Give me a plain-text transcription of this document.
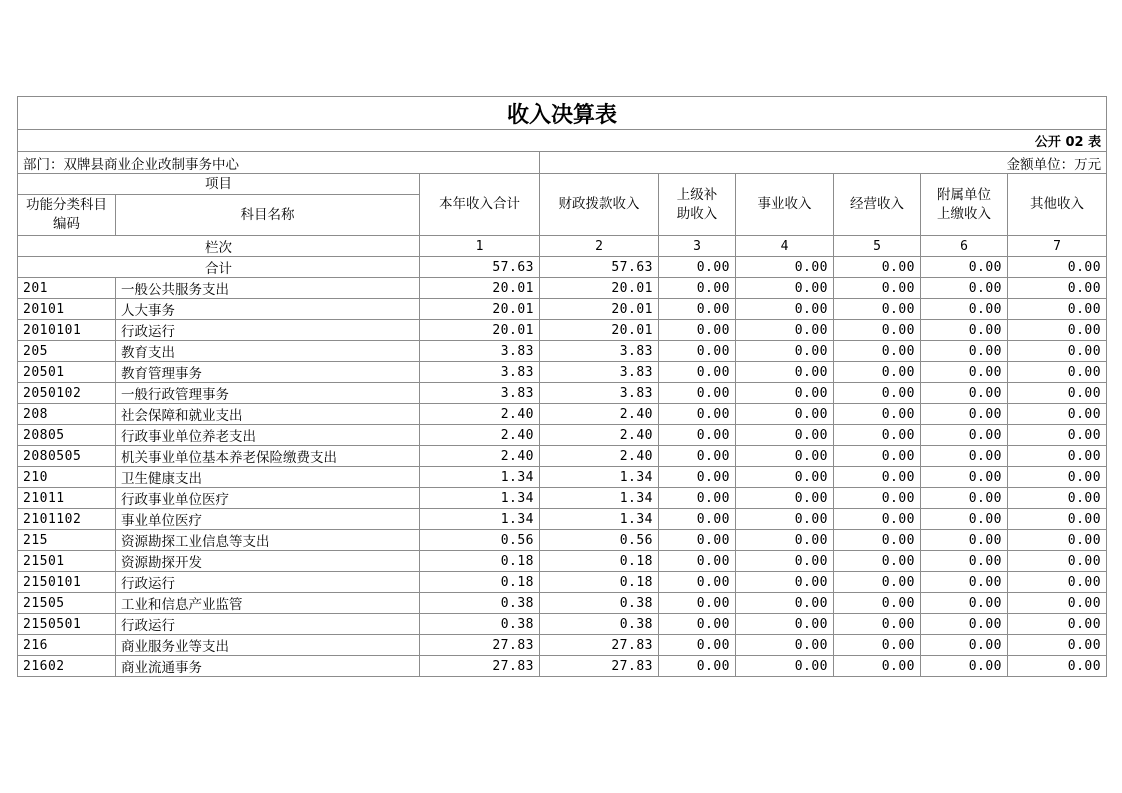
收入决算表								
公开 02 表								
部门：双牌县商业企业改制事务中心			金额单位：万元					
项目		本年收入合计	财政拨款收入	上级补助收入	事业收入	经营收入	附属单位上缴收入	其他收入

功能分类科目编码	科目名称							
栏次		1	2	3	4	5	6	7
合计		57.63	57.63	0.00	0.00	0.00	0.00	0.00
201	一般公共服务支出	20.01	20.01	0.00	0.00	0.00	0.00	0.00
20101	人大事务	20.01	20.01	0.00	0.00	0.00	0.00	0.00
2010101	行政运行	20.01	20.01	0.00	0.00	0.00	0.00	0.00
205	教育支出	3.83	3.83	0.00	0.00	0.00	0.00	0.00
20501	教育管理事务	3.83	3.83	0.00	0.00	0.00	0.00	0.00
2050102	一般行政管理事务	3.83	3.83	0.00	0.00	0.00	0.00	0.00
208	社会保障和就业支出	2.40	2.40	0.00	0.00	0.00	0.00	0.00
20805	行政事业单位养老支出	2.40	2.40	0.00	0.00	0.00	0.00	0.00
2080505	机关事业单位基本养老保险缴费支出	2.40	2.40	0.00	0.00	0.00	0.00	0.00
210	卫生健康支出	1.34	1.34	0.00	0.00	0.00	0.00	0.00
21011	行政事业单位医疗	1.34	1.34	0.00	0.00	0.00	0.00	0.00
2101102	事业单位医疗	1.34	1.34	0.00	0.00	0.00	0.00	0.00
215	资源勘探工业信息等支出	0.56	0.56	0.00	0.00	0.00	0.00	0.00
21501	资源勘探开发	0.18	0.18	0.00	0.00	0.00	0.00	0.00
2150101	行政运行	0.18	0.18	0.00	0.00	0.00	0.00	0.00
21505	工业和信息产业监管	0.38	0.38	0.00	0.00	0.00	0.00	0.00
2150501	行政运行	0.38	0.38	0.00	0.00	0.00	0.00	0.00
216	商业服务业等支出	27.83	27.83	0.00	0.00	0.00	0.00	0.00
21602	商业流通事务	27.83	27.83	0.00	0.00	0.00	0.00	0.00
